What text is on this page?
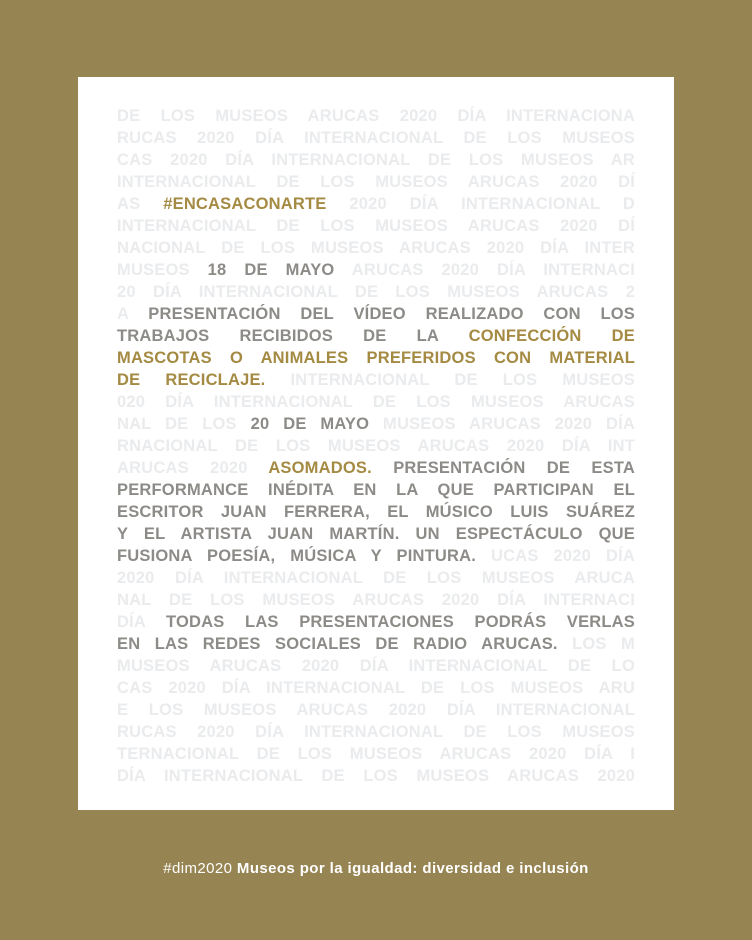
DE LOS MUSEOS ARUCAS 2020 DÍA INTERNACIONA
RUCAS 2020 DÍA INTERNACIONAL DE LOS MUSEOS
CAS 2020 DÍA INTERNACIONAL DE LOS MUSEOS AR
INTERNACIONAL DE LOS MUSEOS ARUCAS 2020 DÍ
AS #ENCASACONARTE 2020 DÍA INTERNACIONAL D
INTERNACIONAL DE LOS MUSEOS ARUCAS 2020 DÍ
NACIONAL DE LOS MUSEOS ARUCAS 2020 DÍA INTER
MUSEOS 18 DE MAYO ARUCAS 2020 DÍA INTERNACI
20 DÍA INTERNACIONAL DE LOS MUSEOS ARUCAS 2
A PRESENTACIÓN DEL VÍDEO REALIZADO CON LOS
TRABAJOS RECIBIDOS DE LA CONFECCIÓN DE
MASCOTAS O ANIMALES PREFERIDOS CON MATERIAL
DE RECICLAJE. INTERNACIONAL DE LOS MUSEOS
020 DÍA INTERNACIONAL DE LOS MUSEOS ARUCAS
NAL DE LOS 20 DE MAYO MUSEOS ARUCAS 2020 DÍA
RNACIONAL DE LOS MUSEOS ARUCAS 2020 DÍA INT
ARUCAS 2020 ASOMADOS. PRESENTACIÓN DE ESTA
PERFORMANCE INÉDITA EN LA QUE PARTICIPAN EL
ESCRITOR JUAN FERRERA, EL MÚSICO LUIS SUÁREZ
Y EL ARTISTA JUAN MARTÍN. UN ESPECTÁCULO QUE
FUSIONA POESÍA, MÚSICA Y PINTURA. UCAS 2020 DÍA
2020 DÍA INTERNACIONAL DE LOS MUSEOS ARUCA
NAL DE LOS MUSEOS ARUCAS 2020 DÍA INTERNACI
DÍA TODAS LAS PRESENTACIONES PODRÁS VERLAS
EN LAS REDES SOCIALES DE RADIO ARUCAS. LOS M
MUSEOS ARUCAS 2020 DÍA INTERNACIONAL DE LO
CAS 2020 DÍA INTERNACIONAL DE LOS MUSEOS ARU
E LOS MUSEOS ARUCAS 2020 DÍA INTERNACIONAL
RUCAS 2020 DÍA INTERNACIONAL DE LOS MUSEOS
TERNACIONAL DE LOS MUSEOS ARUCAS 2020 DÍA I
DÍA INTERNACIONAL DE LOS MUSEOS ARUCAS 2020
#dim2020 Museos por la igualdad: diversidad e inclusión
